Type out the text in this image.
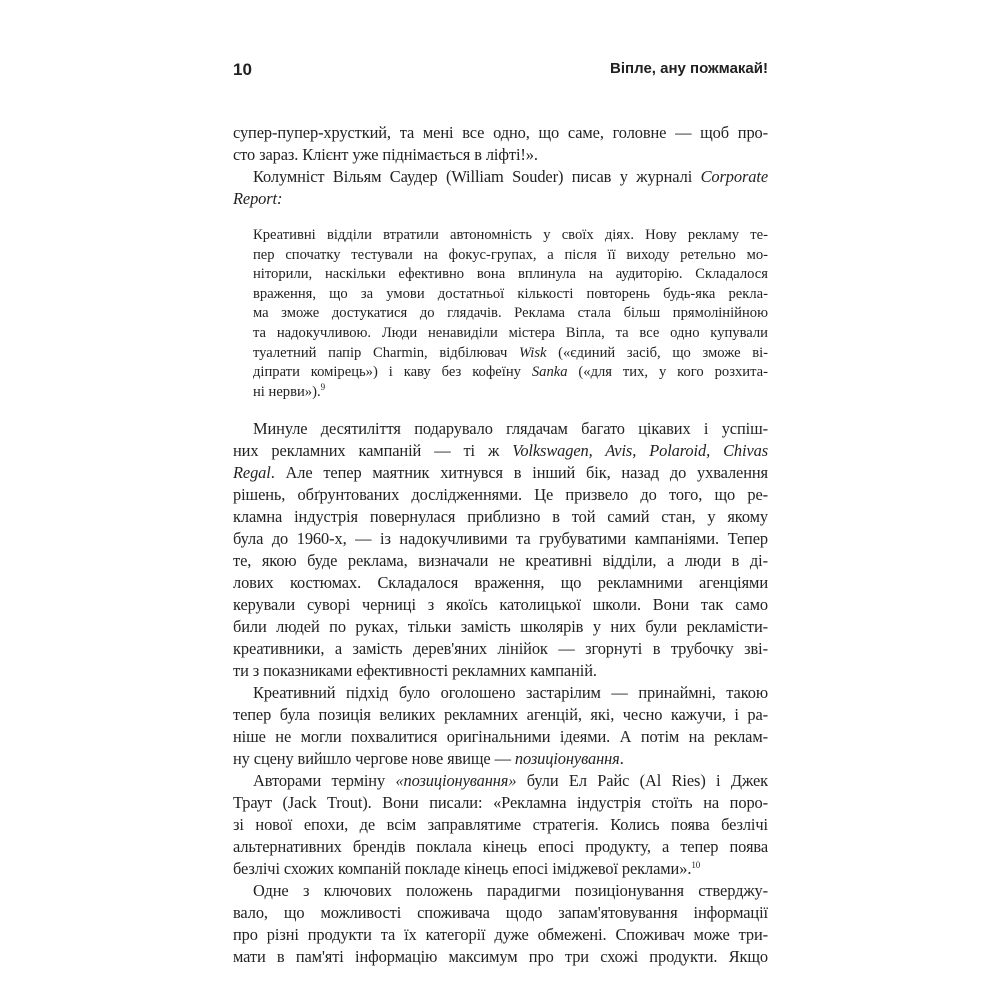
10	Віпле, ану пожмакай!
супер-пупер-хрусткий, та мені все одно, що саме, головне — щоб про-
сто зараз. Клієнт уже піднімається в ліфті!».
Колумніст Вільям Саудер (William Souder) писав у журналі Corporate
Report:
Креативні відділи втратили автономність у своїх діях. Нову рекламу те-
пер спочатку тестували на фокус-групах, а після її виходу ретельно мо-
ніторили, наскільки ефективно вона вплинула на аудиторію. Складалося
враження, що за умови достатньої кількості повторень будь-яка рекла-
ма зможе достукатися до глядачів. Реклама стала більш прямолінійною
та надокучливою. Люди ненавиділи містера Віпла, та все одно купували
туалетний папір Charmin, відбілювач Wisk («єдиний засіб, що зможе ві-
діпрати комірець») і каву без кофеїну Sanka («для тих, у кого розхита-
ні нерви»).$^9$
Минуле десятиліття подарувало глядачам багато цікавих і успіш-
них рекламних кампаній — ті ж Volkswagen, Avis, Polaroid, Chivas
Regal. Але тепер маятник хитнувся в інший бік, назад до ухвалення
рішень, обґрунтованих дослідженнями. Це призвело до того, що ре-
кламна індустрія повернулася приблизно в той самий стан, у якому
була до 1960-х, — із надокучливими та грубуватими кампаніями. Тепер
те, якою буде реклама, визначали не креативні відділи, а люди в ді-
лових костюмах. Складалося враження, що рекламними агенціями
керували суворі черниці з якоїсь католицької школи. Вони так само
били людей по руках, тільки замість школярів у них були рекламісти-
креативники, а замість дерев'яних лінійок — згорнуті в трубочку зві-
ти з показниками ефективності рекламних кампаній.
Креативний підхід було оголошено застарілим — принаймні, такою
тепер була позиція великих рекламних агенцій, які, чесно кажучи, і ра-
ніше не могли похвалитися оригінальними ідеями. А потім на реклам-
ну сцену вийшло чергове нове явище — позиціонування.
Авторами терміну «позиціонування» були Ел Райс (Al Ries) і Джек
Траут (Jack Trout). Вони писали: «Рекламна індустрія стоїть на поро-
зі нової епохи, де всім заправлятиме стратегія. Колись поява безлічі
альтернативних брендів поклала кінець епосі продукту, а тепер поява
безлічі схожих компаній покладе кінець епосі іміджевої реклами».$^{10}$
Одне з ключових положень парадигми позиціонування стверджу-
вало, що можливості споживача щодо запам'ятовування інформації
про різні продукти та їх категорії дуже обмежені. Споживач може три-
мати в пам'яті інформацію максимум про три схожі продукти. Якщо
